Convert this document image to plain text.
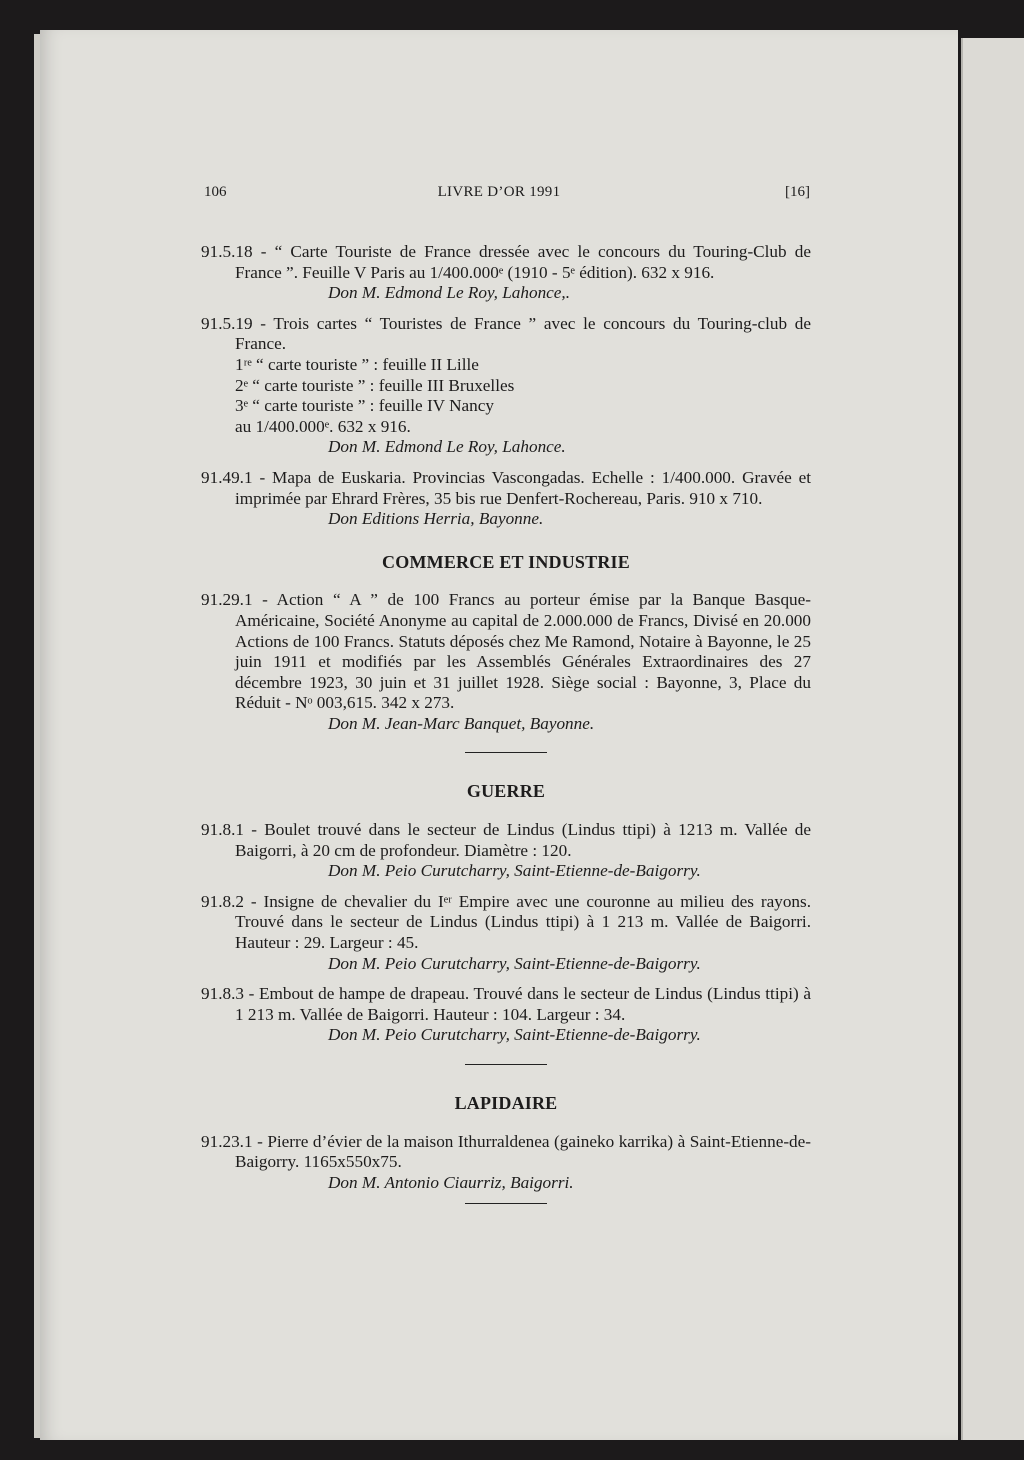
106	LIVRE D’OR 1991	[16]

91.5.18 - “ Carte Touriste de France dressée avec le concours du Touring-Club de France ”. Feuille V Paris au 1/400.000ᵉ (1910 - 5ᵉ édition). 632 x 916.
Don M. Edmond Le Roy, Lahonce,.

91.5.19 - Trois cartes “ Touristes de France ” avec le concours du Touring-club de France.
1ʳᵉ “ carte touriste ” : feuille II Lille
2ᵉ “ carte touriste ” : feuille III Bruxelles
3ᵉ “ carte touriste ” : feuille IV Nancy
au 1/400.000ᵉ. 632 x 916.
Don M. Edmond Le Roy, Lahonce.

91.49.1 - Mapa de Euskaria. Provincias Vascongadas. Echelle : 1/400.000. Gravée et imprimée par Ehrard Frères, 35 bis rue Denfert-Rochereau, Paris. 910 x 710.
Don Editions Herria, Bayonne.

COMMERCE ET INDUSTRIE

91.29.1 - Action “ A ” de 100 Francs au porteur émise par la Banque Basque-Américaine, Société Anonyme au capital de 2.000.000 de Francs, Divisé en 20.000 Actions de 100 Francs. Statuts déposés chez Me Ramond, Notaire à Bayonne, le 25 juin 1911 et modifiés par les Assemblés Générales Extraordinaires des 27 décembre 1923, 30 juin et 31 juillet 1928. Siège social : Bayonne, 3, Place du Réduit - Nᵒ 003,615. 342 x 273.
Don M. Jean-Marc Banquet, Bayonne.

GUERRE

91.8.1 - Boulet trouvé dans le secteur de Lindus (Lindus ttipi) à 1213 m. Vallée de Baigorri, à 20 cm de profondeur. Diamètre : 120.
Don M. Peio Curutcharry, Saint-Etienne-de-Baigorry.

91.8.2 - Insigne de chevalier du Iᵉʳ Empire avec une couronne au milieu des rayons. Trouvé dans le secteur de Lindus (Lindus ttipi) à 1 213 m. Vallée de Baigorri. Hauteur : 29. Largeur : 45.
Don M. Peio Curutcharry, Saint-Etienne-de-Baigorry.

91.8.3 - Embout de hampe de drapeau. Trouvé dans le secteur de Lindus (Lindus ttipi) à 1 213 m. Vallée de Baigorri. Hauteur : 104. Largeur : 34.
Don M. Peio Curutcharry, Saint-Etienne-de-Baigorry.

LAPIDAIRE

91.23.1 - Pierre d’évier de la maison Ithurraldenea (gaineko karrika) à Saint-Etienne-de-Baigorry. 1165x550x75.
Don M. Antonio Ciaurriz, Baigorri.
